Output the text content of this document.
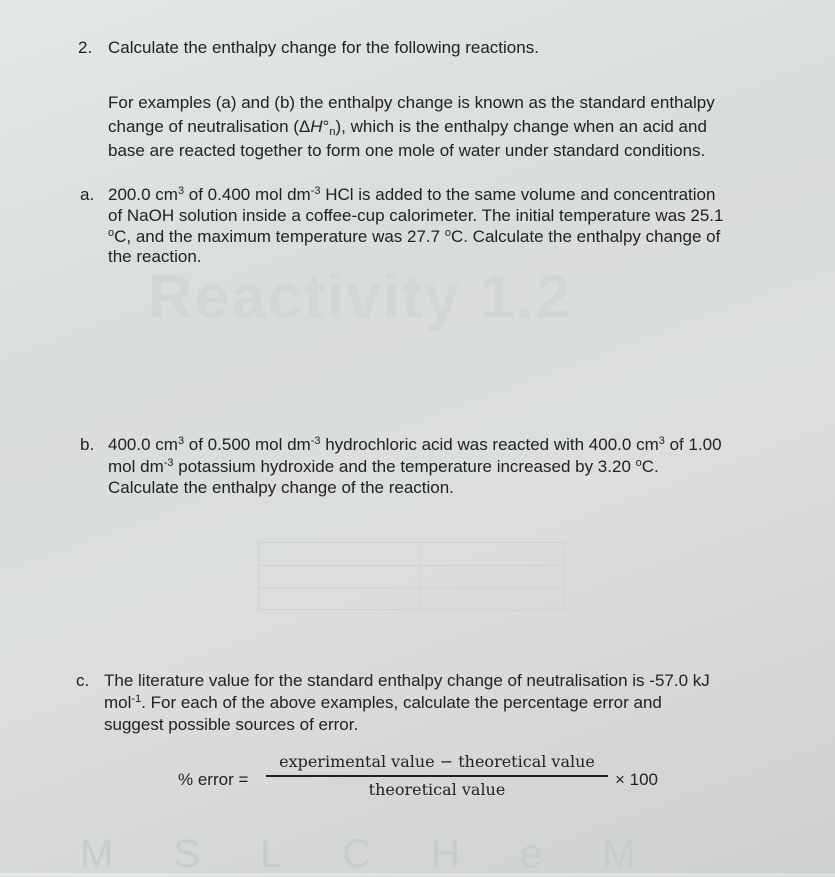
Reactivity 1.2
MSLCHeM
2. Calculate the enthalpy change for the following reactions.
For examples (a) and (b) the enthalpy change is known as the standard enthalpy
change of neutralisation $(\Delta H^\circ_n)$, which is the enthalpy change when an acid and
base are reacted together to form one mole of water under standard conditions.
a. 200.0 $cm^3$ of 0.400 mol $dm^{-3}$ HCl is added to the same volume and concentration
of NaOH solution inside a coffee-cup calorimeter. The initial temperature was 25.1
$^o$C, and the maximum temperature was 27.7 $^o$C. Calculate the enthalpy change of
the reaction.
b. 400.0 $cm^3$ of 0.500 mol $dm^{-3}$ hydrochloric acid was reacted with 400.0 $cm^3$ of 1.00
mol $dm^{-3}$ potassium hydroxide and the temperature increased by 3.20 $^o$C.
Calculate the enthalpy change of the reaction.
c. The literature value for the standard enthalpy change of neutralisation is -57.0 kJ
mol$^{-1}$. For each of the above examples, calculate the percentage error and
suggest possible sources of error.
% error =
experimental value − theoretical value
theoretical value	× 100
